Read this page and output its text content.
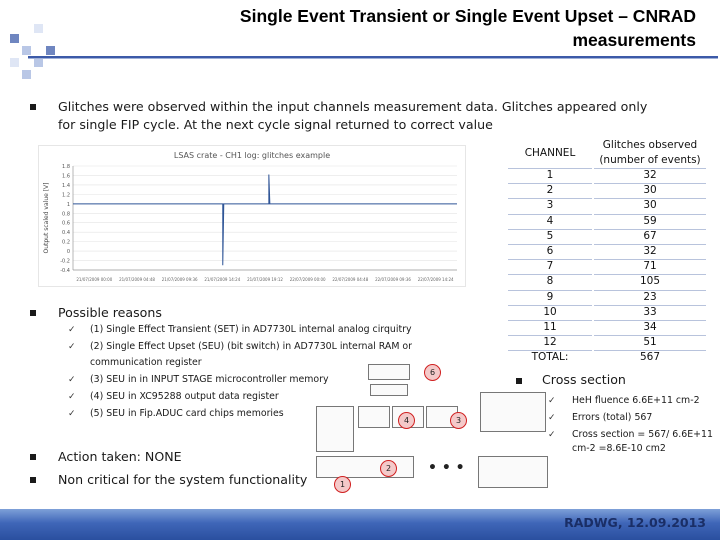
Single Event Transient or Single Event Upset – CNRAD
measurements
Glitches were observed within the input channels measurement data. Glitches appeared only
for single FIP cycle. At the next cycle signal returned to correct value
LSAS crate - CH1 log: glitches example
Output scaled value [V]
1.8
1.6
1.4
1.2
1
0.8
0.6
0.4
0.2
0
-0.2
-0.4
21/07/2009 00:00 21/07/2009 04:48 21/07/2009 09:36 21/07/2009 14:24 21/07/2009 19:12 22/07/2009 00:00 22/07/2009 04:48 22/07/2009 09:36 22/07/2009 14:24
Possible reasons
✓ (1) Single Effect Transient (SET) in AD7730L internal analog cirquitry
✓ (2) Single Effect Upset (SEU) (bit switch) in AD7730L internal RAM or
communication register
✓ (3) SEU in in INPUT STAGE microcontroller memory
✓ (4) SEU in XC95288 output data register
✓ (5) SEU in Fip.ADUC card chips memories
Action taken: NONE
Non critical for the system functionality
6
4	3
2
1
• • •
CHANNEL
Glitches observed
(number of events)
1	32
2	30
3	30
4	59
5	67
6	32
7	71
8	105
9	23
10	33
11	34
12	51
TOTAL:	567
Cross section
✓ HeH fluence 6.6E+11 cm-2
✓ Errors (total) 567
✓ Cross section = 567/ 6.6E+11
cm-2 =8.6E-10 cm2
RADWG, 12.09.2013
